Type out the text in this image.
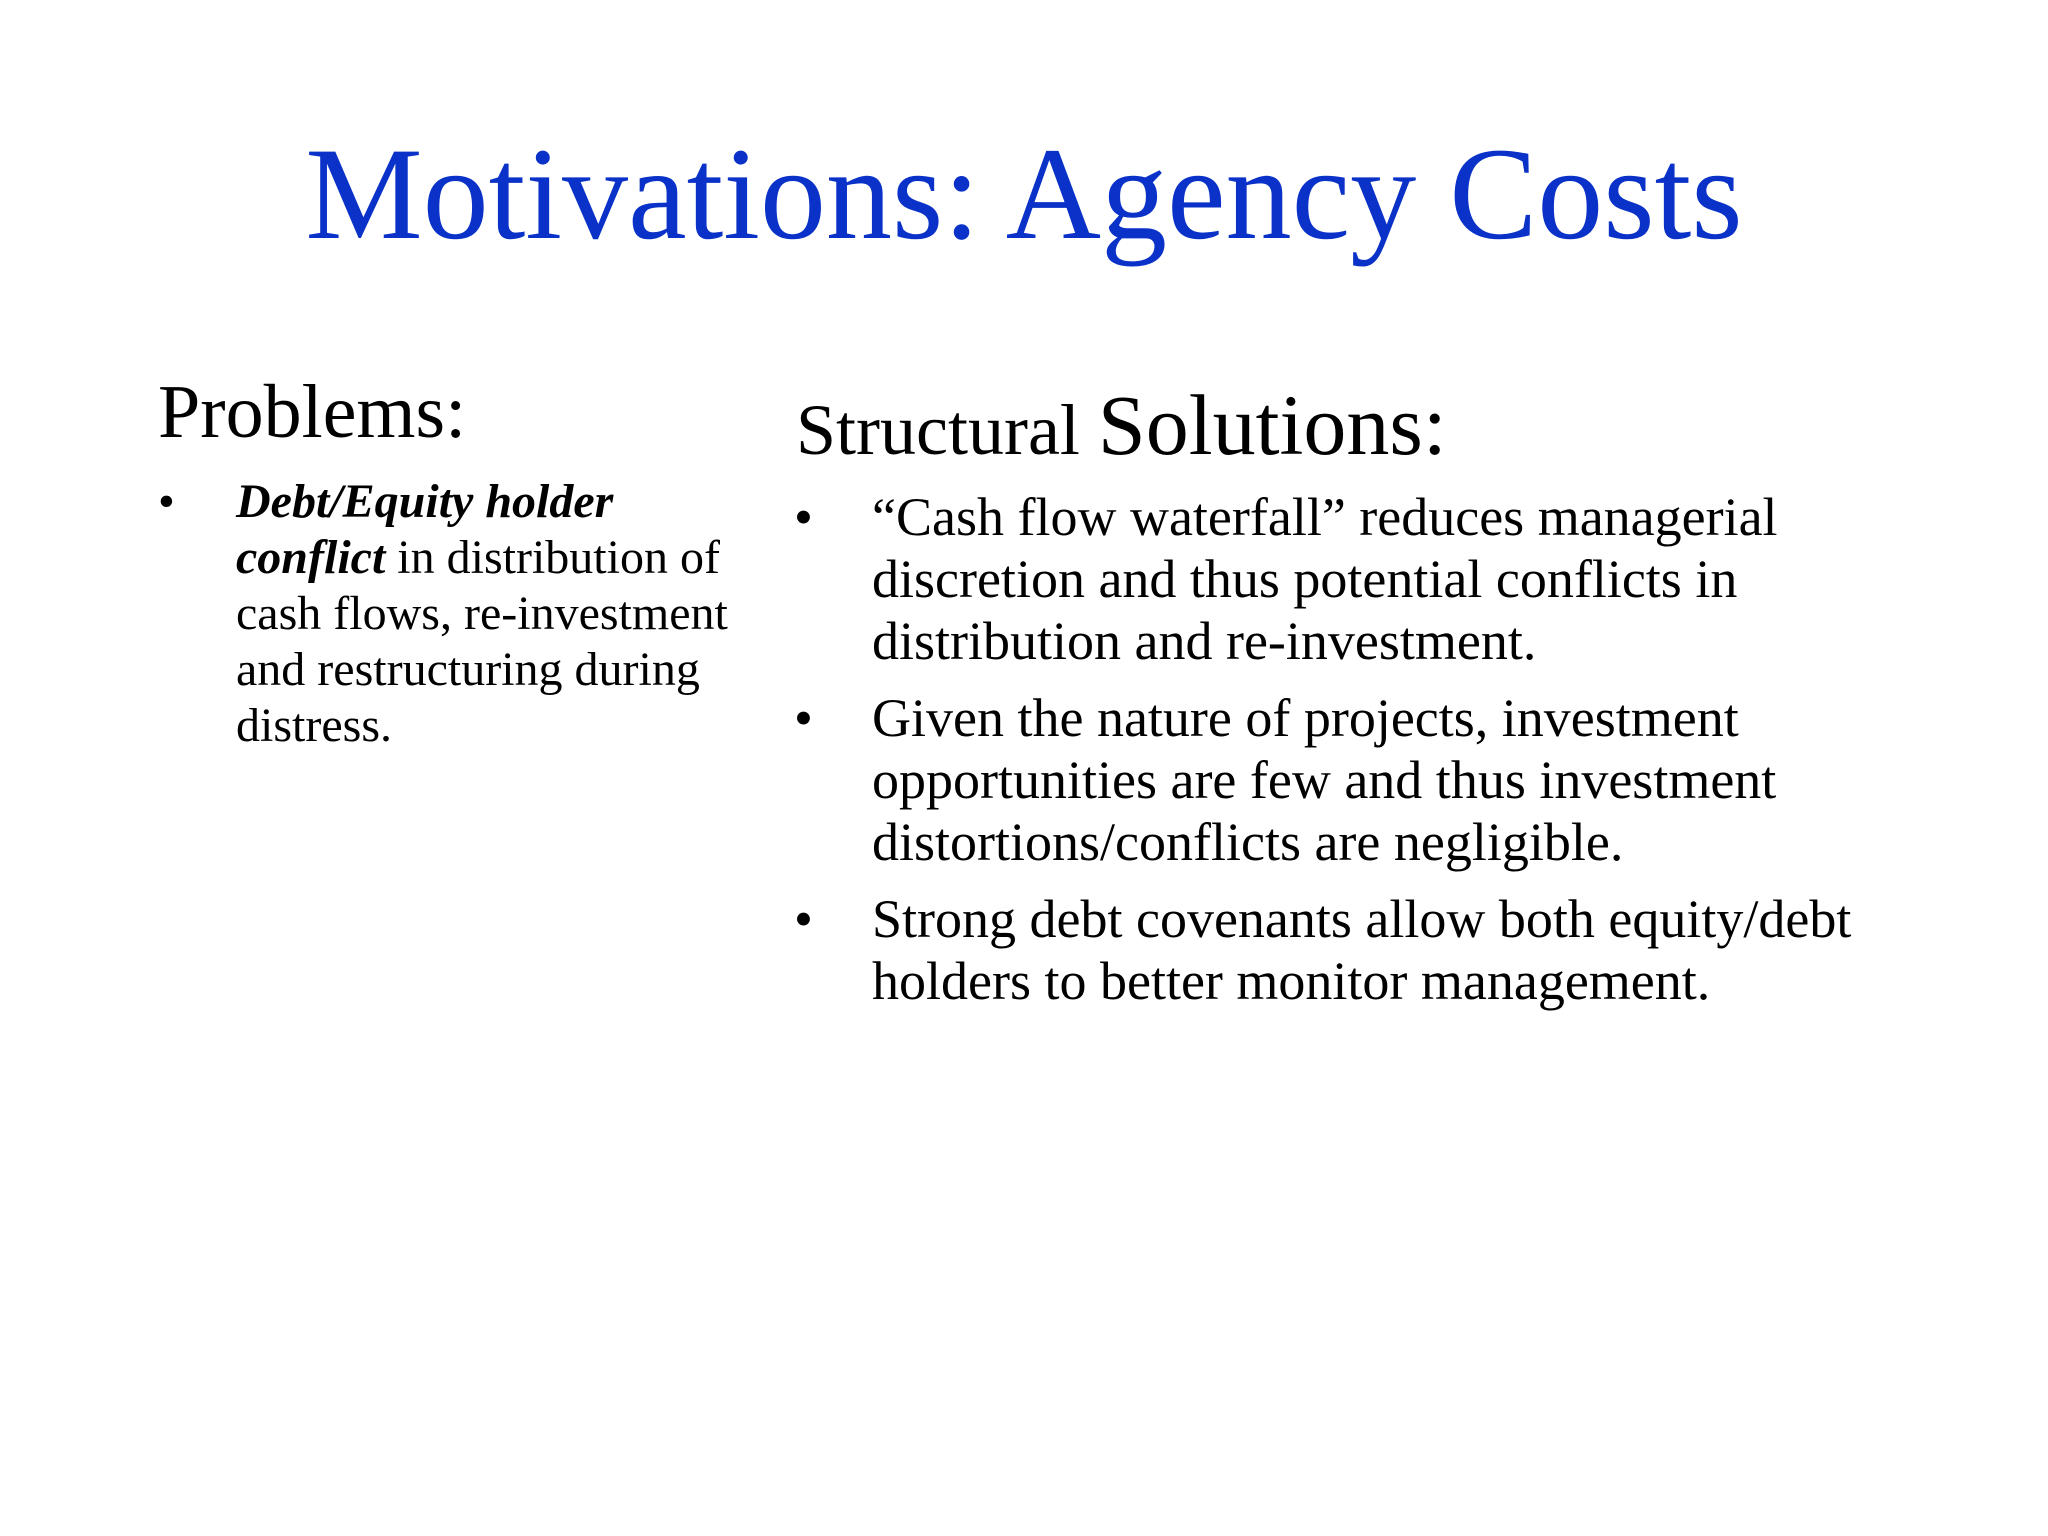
Motivations: Agency Costs
Problems:
• Debt/Equity holder
conflict in distribution of cash flows, re-investment and restructuring during distress.
Structural Solutions:
• “Cash flow waterfall” reduces managerial discretion and thus potential conflicts in distribution and re-investment.
• Given the nature of projects, investment opportunities are few and thus investment distortions/conflicts are negligible.
• Strong debt covenants allow both equity/debt holders to better monitor management.
